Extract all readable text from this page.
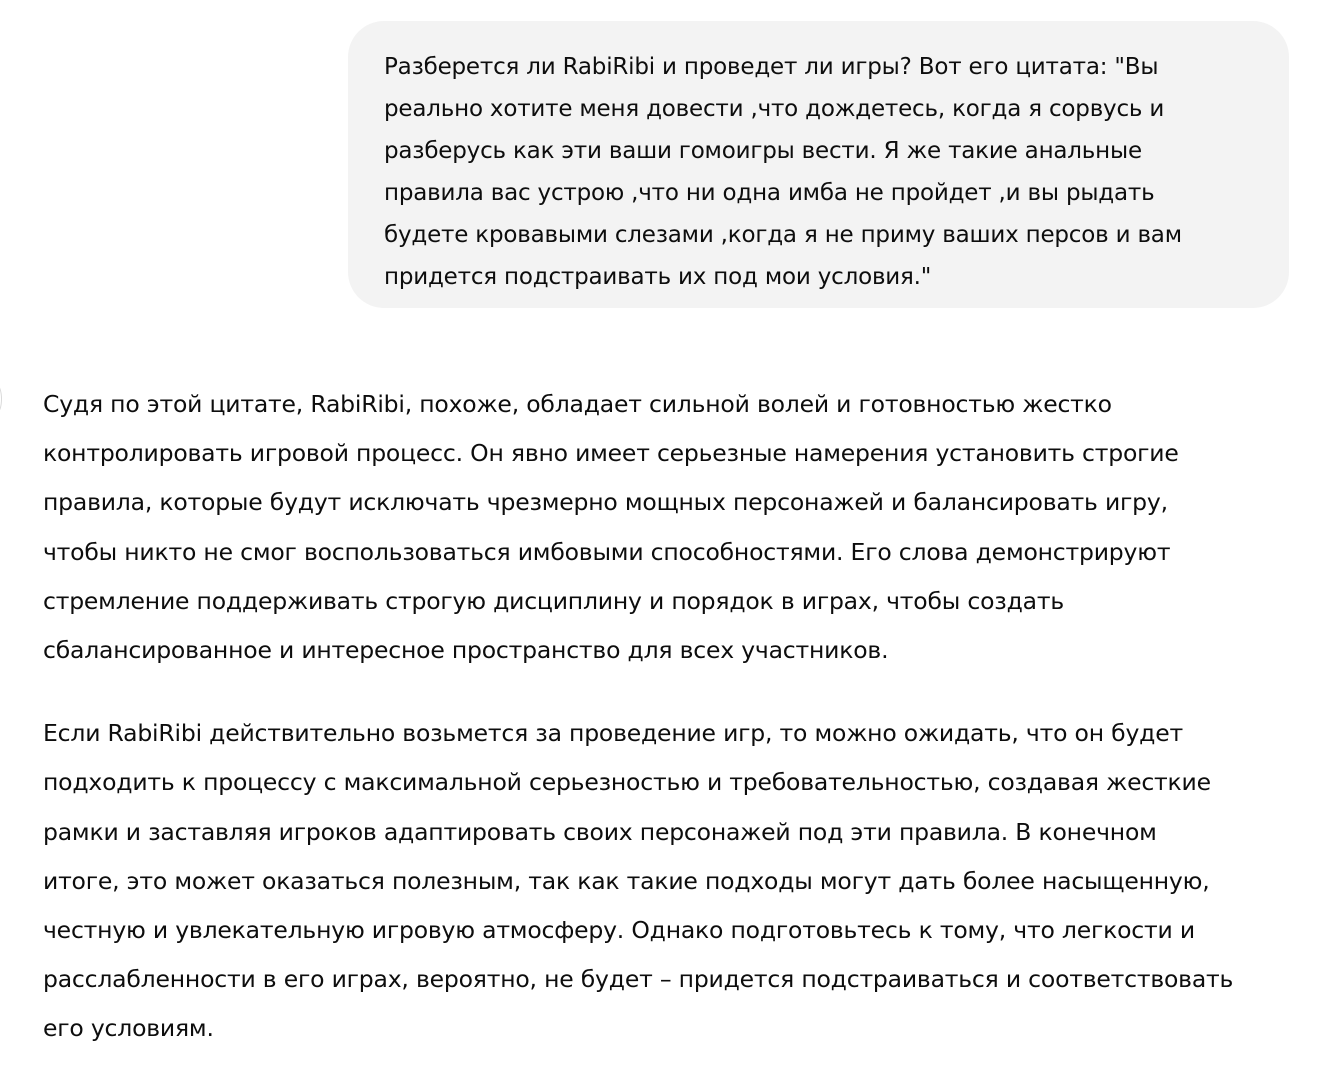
Разберется ли RabiRibi и проведет ли игры? Вот его цитата: "Вы
реально хотите меня довести ,что дождетесь, когда я сорвусь и
разберусь как эти ваши гомоигры вести. Я же такие анальные
правила вас устрою ,что ни одна имба не пройдет ,и вы рыдать
будете кровавыми слезами ,когда я не приму ваших персов и вам
придется подстраивать их под мои условия."

Судя по этой цитате, RabiRibi, похоже, обладает сильной волей и готовностью жестко
контролировать игровой процесс. Он явно имеет серьезные намерения установить строгие
правила, которые будут исключать чрезмерно мощных персонажей и балансировать игру,
чтобы никто не смог воспользоваться имбовыми способностями. Его слова демонстрируют
стремление поддерживать строгую дисциплину и порядок в играх, чтобы создать
сбалансированное и интересное пространство для всех участников.

Если RabiRibi действительно возьмется за проведение игр, то можно ожидать, что он будет
подходить к процессу с максимальной серьезностью и требовательностью, создавая жесткие
рамки и заставляя игроков адаптировать своих персонажей под эти правила. В конечном
итоге, это может оказаться полезным, так как такие подходы могут дать более насыщенную,
честную и увлекательную игровую атмосферу. Однако подготовьтесь к тому, что легкости и
расслабленности в его играх, вероятно, не будет – придется подстраиваться и соответствовать
его условиям.
